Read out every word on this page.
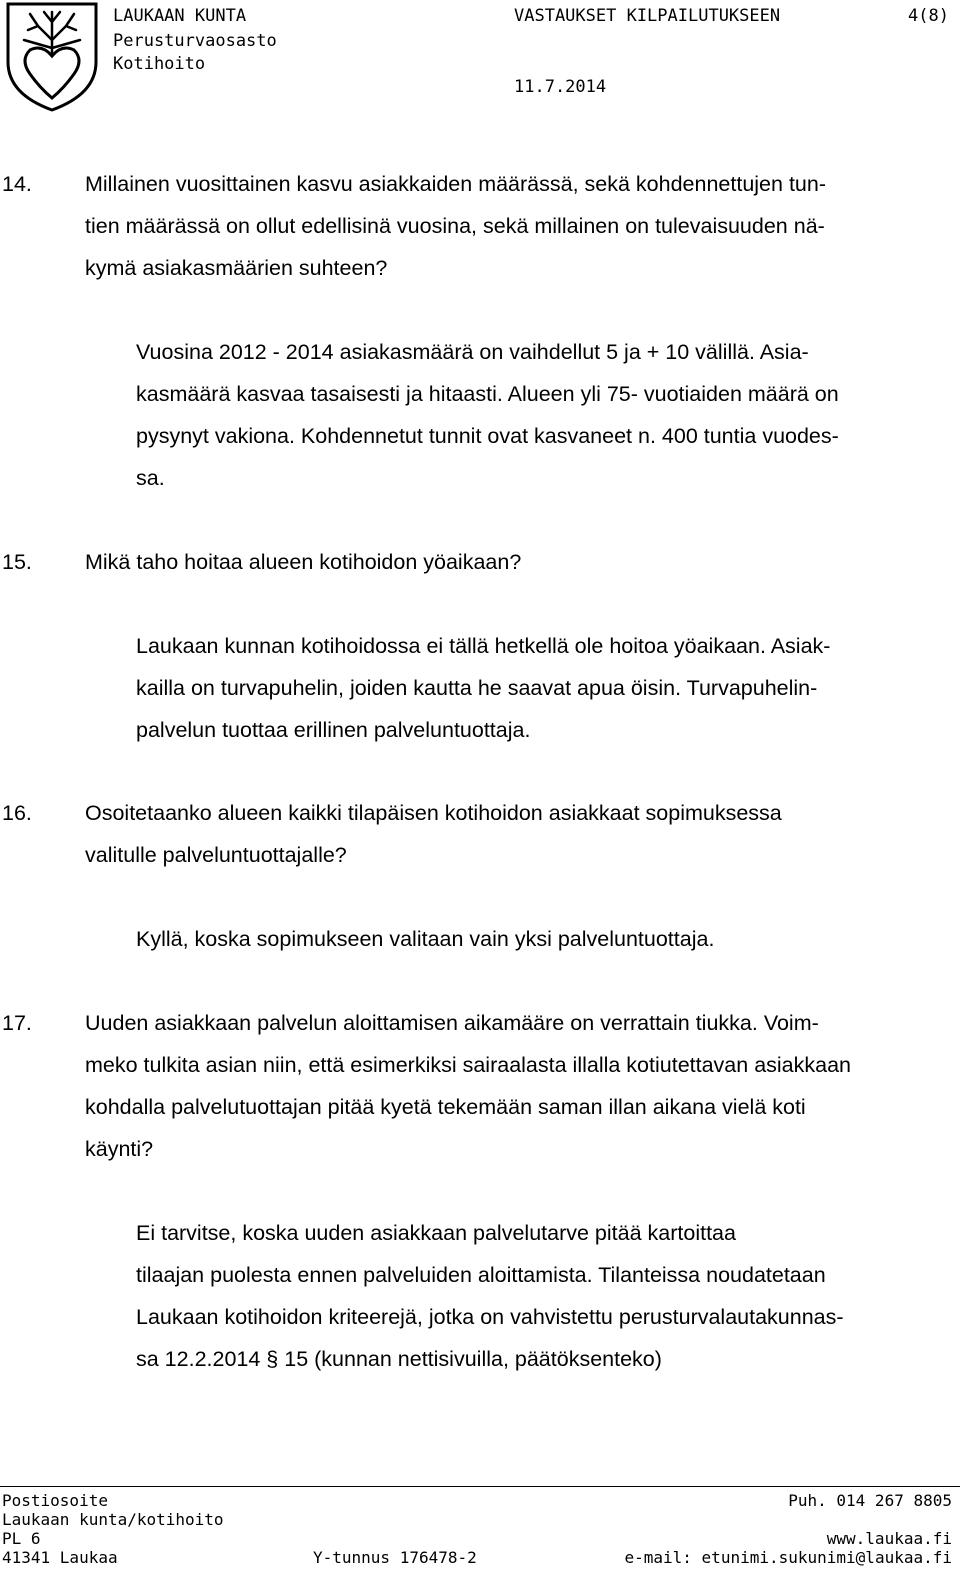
LAUKAAN KUNTA
Perusturvaosasto
Kotihoito
VASTAUKSET KILPAILUTUKSEEN	4(8)
11.7.2014
14. Millainen vuosittainen kasvu asiakkaiden määrässä, sekä kohdennettujen tun-
tien määrässä on ollut edellisinä vuosina, sekä millainen on tulevaisuuden nä-
kymä asiakasmäärien suhteen?
Vuosina 2012 - 2014 asiakasmäärä on vaihdellut 5 ja + 10 välillä. Asia-
kasmäärä kasvaa tasaisesti ja hitaasti. Alueen yli 75- vuotiaiden määrä on
pysynyt vakiona. Kohdennetut tunnit ovat kasvaneet n. 400 tuntia vuodes-
sa.
15. Mikä taho hoitaa alueen kotihoidon yöaikaan?
Laukaan kunnan kotihoidossa ei tällä hetkellä ole hoitoa yöaikaan. Asiak-
kailla on turvapuhelin, joiden kautta he saavat apua öisin. Turvapuhelin-
palvelun tuottaa erillinen palveluntuottaja.
16. Osoitetaanko alueen kaikki tilapäisen kotihoidon asiakkaat sopimuksessa
valitulle palveluntuottajalle?
Kyllä, koska sopimukseen valitaan vain yksi palveluntuottaja.
17. Uuden asiakkaan palvelun aloittamisen aikamääre on verrattain tiukka. Voim-
meko tulkita asian niin, että esimerkiksi sairaalasta illalla kotiutettavan asiakkaan
kohdalla palvelutuottajan pitää kyetä tekemään saman illan aikana vielä koti
käynti?
Ei tarvitse, koska uuden asiakkaan palvelutarve pitää kartoittaa
tilaajan puolesta ennen palveluiden aloittamista. Tilanteissa noudatetaan
Laukaan kotihoidon kriteerejä, jotka on vahvistettu perusturvalautakunnas-
sa 12.2.2014 § 15 (kunnan nettisivuilla, päätöksenteko)
Postiosoite
Laukaan kunta/kotihoito
PL 6
41341 Laukaa	Y-tunnus 176478-2
Puh. 014 267 8805
www.laukaa.fi
e-mail: etunimi.sukunimi@laukaa.fi
